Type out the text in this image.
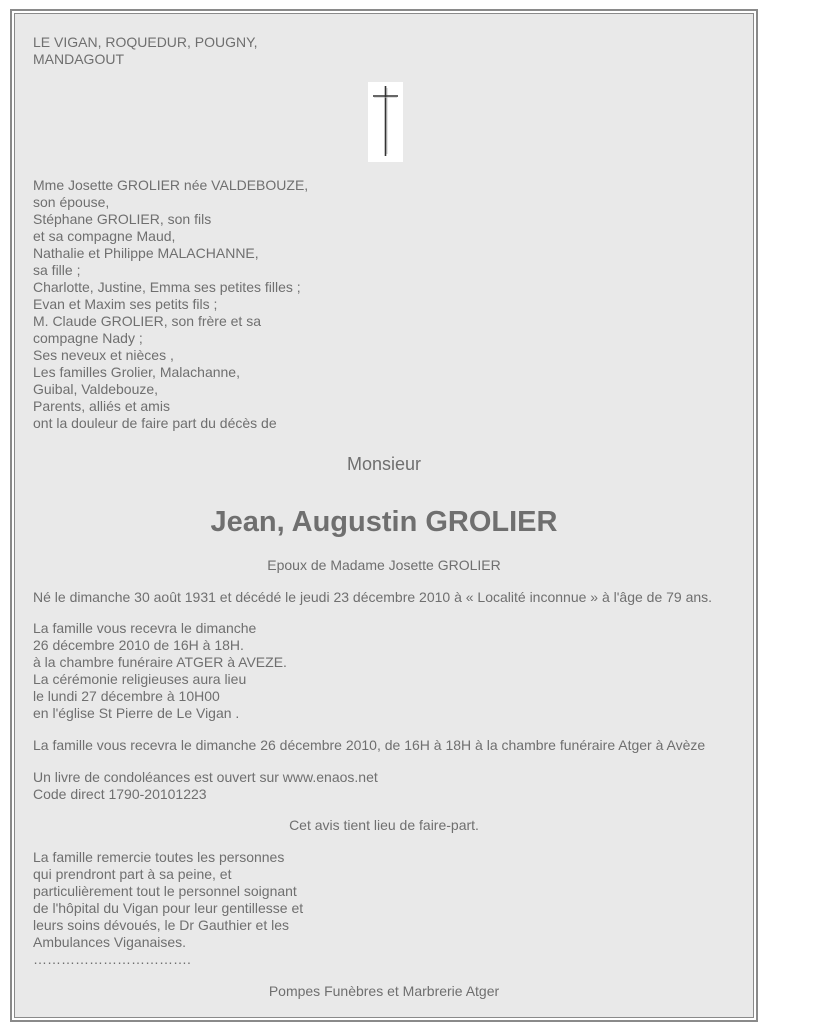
LE VIGAN, ROQUEDUR, POUGNY,
MANDAGOUT
Mme Josette GROLIER née VALDEBOUZE,
son épouse,
Stéphane GROLIER, son fils
et sa compagne Maud,
Nathalie et Philippe MALACHANNE,
sa fille ;
Charlotte, Justine, Emma ses petites filles ;
Evan et Maxim ses petits fils ;
M. Claude GROLIER, son frère et sa
compagne Nady ;
Ses neveux et nièces ,
Les familles Grolier, Malachanne,
Guibal, Valdebouze,
Parents, alliés et amis
ont la douleur de faire part du décès de
Monsieur
Jean, Augustin GROLIER
Epoux de Madame Josette GROLIER
Né le dimanche 30 août 1931 et décédé le jeudi 23 décembre 2010 à « Localité inconnue » à l'âge de 79 ans.
La famille vous recevra le dimanche
26 décembre 2010 de 16H à 18H.
à la chambre funéraire ATGER à AVEZE.
La cérémonie religieuses aura lieu
le lundi 27 décembre à 10H00
en l'église St Pierre de Le Vigan .
La famille vous recevra le dimanche 26 décembre 2010, de 16H à 18H à la chambre funéraire Atger à Avèze
Un livre de condoléances est ouvert sur www.enaos.net
Code direct 1790-20101223
Cet avis tient lieu de faire-part.
La famille remercie toutes les personnes
qui prendront part à sa peine, et
particulièrement tout le personnel soignant
de l'hôpital du Vigan pour leur gentillesse et
leurs soins dévoués, le Dr Gauthier et les
Ambulances Viganaises.
…………………………….
Pompes Funèbres et Marbrerie Atger
